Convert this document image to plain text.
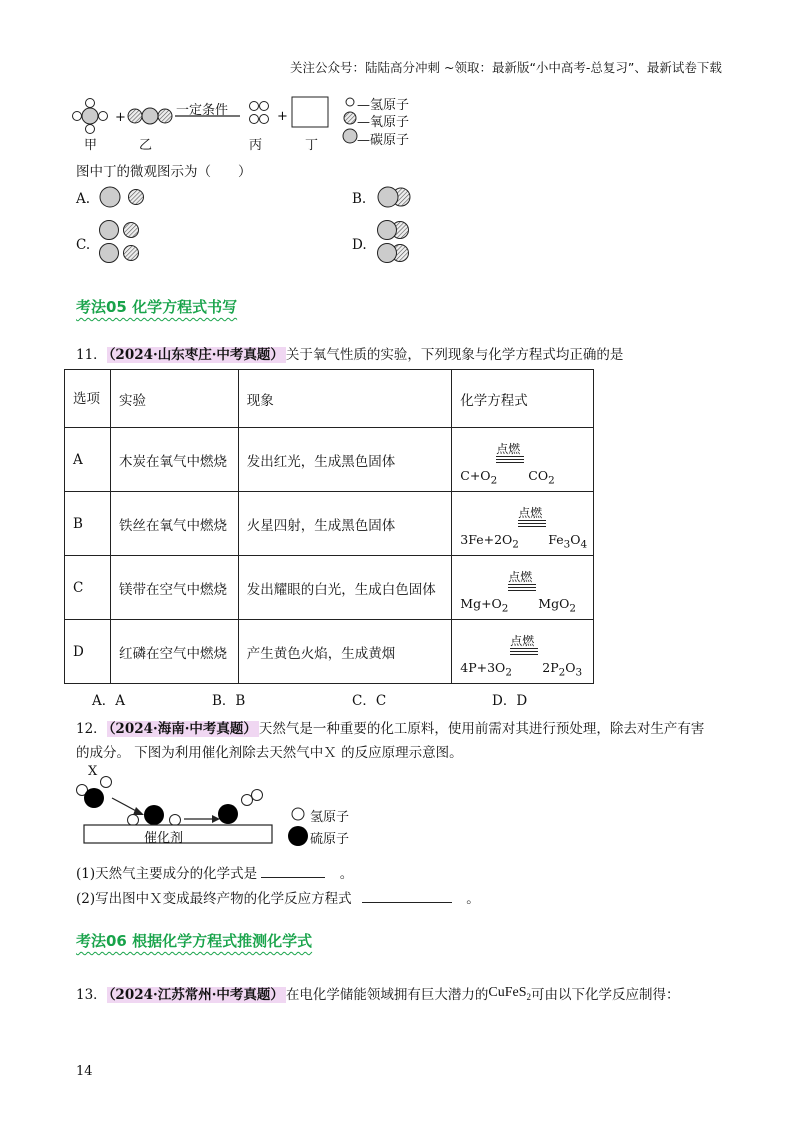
关注公众号：陆陆高分冲刺 ~领取：最新版“小中高考-总复习”、最新试卷下载
+	+
一定条件
甲	乙	丙	丁
—氢原子
—氧原子
—碳原子
图中丁的微观图示为（　　）
A.	B.
C.	D.
考法05 化学方程式书写
11． （2024·山东枣庄·中考真题） 关于氧气性质的实验，下列现象与化学方程式均正确的是
选项	实验	现象	化学方程式
A	木炭在氧气中燃烧	发出红光，生成黑色固体	点燃
$C+O_2$ $CO_2$

B	铁丝在氧气中燃烧	火星四射，生成黑色固体	点燃
$3Fe+2O_2$ $Fe_3O_4$

C	镁带在空气中燃烧	发出耀眼的白光，生成白色固体	点燃
$Mg+O_2$ MgO$_2$

D	红磷在空气中燃烧	产生黄色火焰，生成黄烟	点燃
$4P+3O_2$ $2P_2O_3$
A．A	B．B	C．C	D．D
12． （2024·海南·中考真题） 天然气是一种重要的化工原料，使用前需对其进行预处理，除去对生产有害
的成分。 下图为利用催化剂除去天然气中Ｘ 的反应原理示意图。
X
催化剂
氢原子
硫原子
(1)天然气主要成分的化学式是	。
(2)写出图中Ｘ变成最终产物的化学反应方程式	。
考法06 根据化学方程式推测化学式
13． （2024·江苏常州·中考真题） 在电化学储能领域拥有巨大潜力的CuFeS$_2$可由以下化学反应制得：
14
